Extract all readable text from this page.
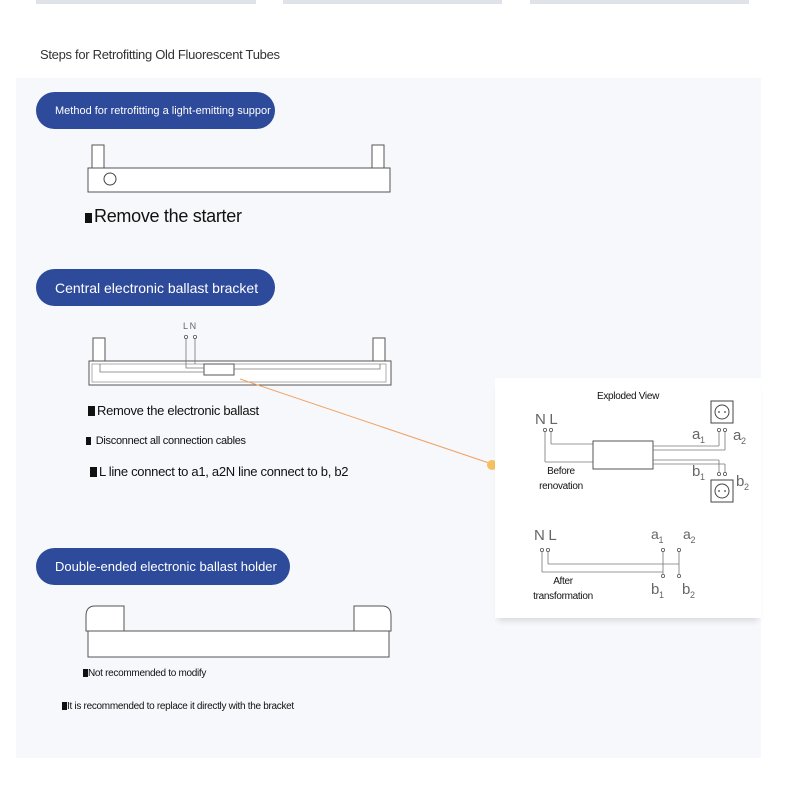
Steps for Retrofitting Old Fluorescent Tubes
Method for retrofitting a light-emitting suppor
Remove the starter
Central electronic ballast bracket
L N
Remove the electronic ballast
Disconnect all connection cables
L line connect to a1, a2N line connect to b, b2
Double-ended electronic ballast holder
Not recommended to modify
It is recommended to replace it directly with the bracket
Exploded View
N L
$a_1$ $a_2$
$b_1$ $b_2$
Before renovation
N L	$a_1$ $a_2$
$b_1$ $b_2$
After transformation
